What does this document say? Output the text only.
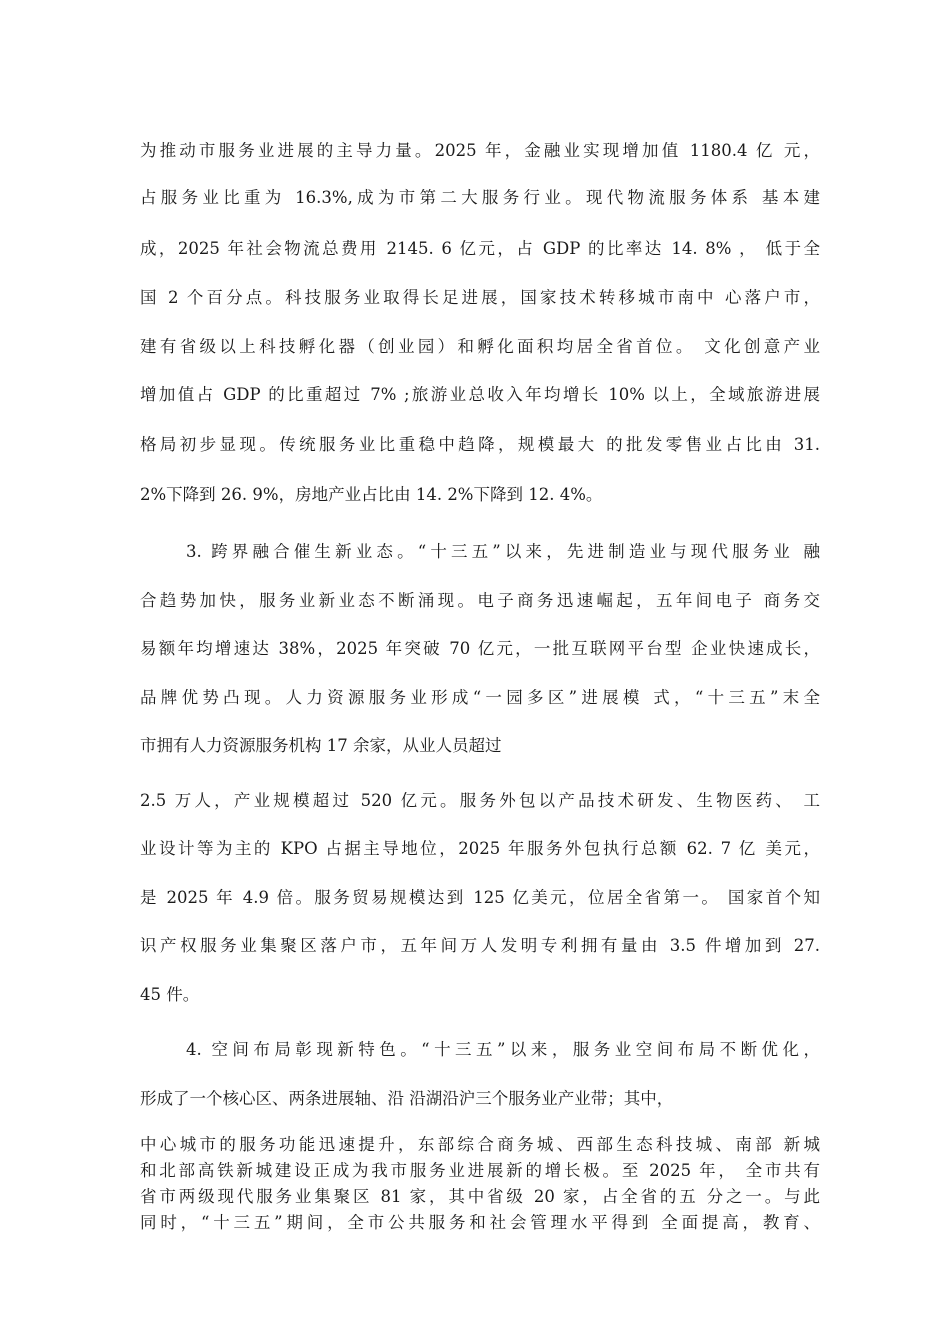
为推动市服务业进展的主导力量。2025 年，金融业实现增加值 1180.4 亿 元，
占服务业比重为 16.3%,成为市第二大服务行业。现代物流服务体系 基本建
成，2025 年社会物流总费用 2145. 6 亿元，占 GDP 的比率达 14. 8% ， 低于全
国 2 个百分点。科技服务业取得长足进展，国家技术转移城市南中 心落户市，
建有省级以上科技孵化器（创业园）和孵化面积均居全省首位。 文化创意产业
增加值占 GDP 的比重超过 7% ;旅游业总收入年均增长 10% 以上，全域旅游进展
格局初步显现。传统服务业比重稳中趋降，规模最大 的批发零售业占比由 31.
2%下降到 26. 9%，房地产业占比由 14. 2%下降到 12. 4%。
3. 跨界融合催生新业态。“十三五”以来，先进制造业与现代服务业 融
合趋势加快，服务业新业态不断涌现。电子商务迅速崛起，五年间电子 商务交
易额年均增速达 38%，2025 年突破 70 亿元，一批互联网平台型 企业快速成长，
品牌优势凸现。人力资源服务业形成“一园多区”进展模 式，“十三五”末全
市拥有人力资源服务机构 17 余家，从业人员超过
2.5 万人，产业规模超过 520 亿元。服务外包以产品技术研发、生物医药、 工
业设计等为主的 KPO 占据主导地位，2025 年服务外包执行总额 62. 7 亿 美元，
是 2025 年 4.9 倍。服务贸易规模达到 125 亿美元，位居全省第一。 国家首个知
识产权服务业集聚区落户市，五年间万人发明专利拥有量由 3.5 件增加到 27.
45 件。
4. 空间布局彰现新特色。“十三五”以来，服务业空间布局不断优化，
形成了一个核心区、两条进展轴、沿 沿湖沿沪三个服务业产业带；其中，
中心城市的服务功能迅速提升，东部综合商务城、西部生态科技城、南部 新城
和北部高铁新城建设正成为我市服务业进展新的增长极。至 2025 年， 全市共有
省市两级现代服务业集聚区 81 家，其中省级 20 家，占全省的五 分之一。与此
同时，“十三五”期间，全市公共服务和社会管理水平得到 全面提高，教育、
